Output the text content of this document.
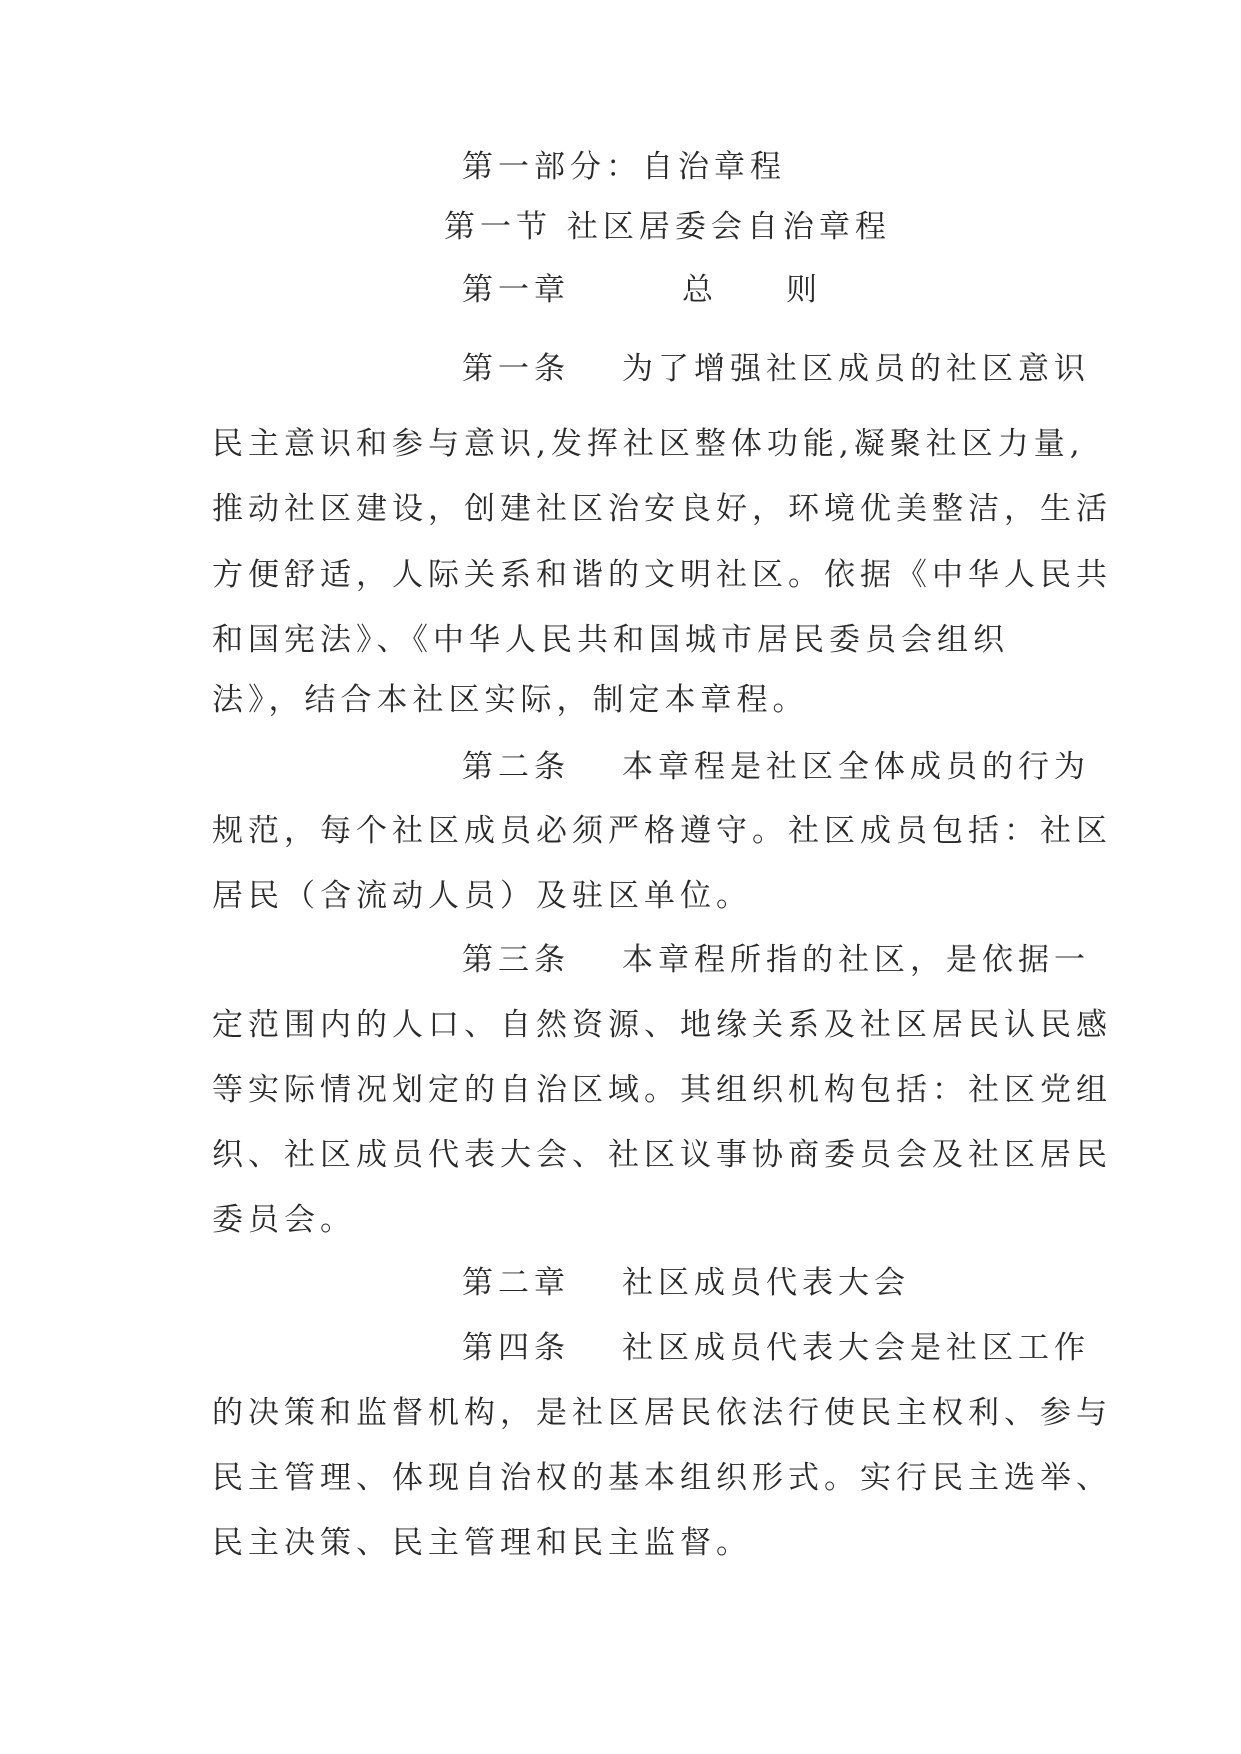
第一部分：自治章程
第一节 社区居委会自治章程
第一章	总 则
第一条 为了增强社区成员的社区意识
民主意识和参与意识,发挥社区整体功能,凝聚社区力量,
推动社区建设，创建社区治安良好，环境优美整洁，生活
方便舒适，人际关系和谐的文明社区。依据《中华人民共
和国宪法》、《中华人民共和国城市居民委员会组织
法》，结合本社区实际，制定本章程。
第二条 本章程是社区全体成员的行为
规范，每个社区成员必须严格遵守。社区成员包括：社区
居民（含流动人员）及驻区单位。
第三条 本章程所指的社区，是依据一
定范围内的人口、自然资源、地缘关系及社区居民认民感
等实际情况划定的自治区域。其组织机构包括：社区党组
织、社区成员代表大会、社区议事协商委员会及社区居民
委员会。
第二章 社区成员代表大会
第四条 社区成员代表大会是社区工作
的决策和监督机构，是社区居民依法行使民主权利、参与
民主管理、体现自治权的基本组织形式。实行民主选举、
民主决策、民主管理和民主监督。
